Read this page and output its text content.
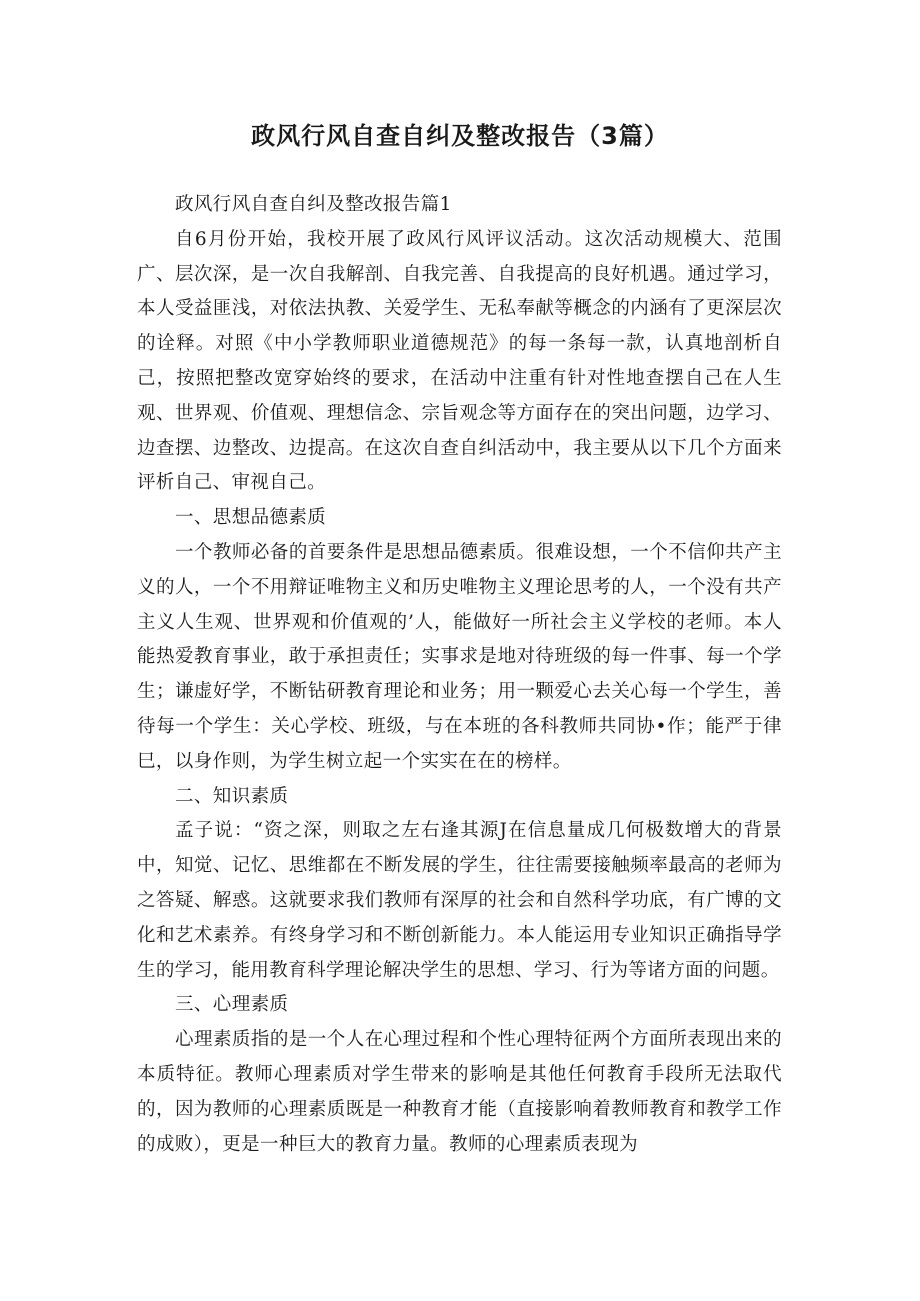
政风行风自查自纠及整改报告（3篇）

政风行风自查自纠及整改报告篇1

自6月份开始，我校开展了政风行风评议活动。这次活动规模大、范围广、层次深，是一次自我解剖、自我完善、自我提高的良好机遇。通过学习，本人受益匪浅，对依法执教、关爱学生、无私奉献等概念的内涵有了更深层次的诠释。对照《中小学教师职业道德规范》的每一条每一款，认真地剖析自己，按照把整改宽穿始终的要求，在活动中注重有针对性地查摆自己在人生观、世界观、价值观、理想信念、宗旨观念等方面存在的突出问题，边学习、边查摆、边整改、边提高。在这次自查自纠活动中，我主要从以下几个方面来评析自己、审视自己。

一、思想品德素质

一个教师必备的首要条件是思想品德素质。很难设想，一个不信仰共产主义的人，一个不用辩证唯物主义和历史唯物主义理论思考的人，一个没有共产主义人生观、世界观和价值观的’人，能做好一所社会主义学校的老师。本人能热爱教育事业，敢于承担责任；实事求是地对待班级的每一件事、每一个学生；谦虚好学，不断钻研教育理论和业务；用一颗爱心去关心每一个学生，善待每一个学生：关心学校、班级，与在本班的各科教师共同协•作；能严于律巳，以身作则，为学生树立起一个实实在在的榜样。

二、知识素质

孟子说：“资之深，则取之左右逢其源J在信息量成几何极数增大的背景中，知觉、记忆、思维都在不断发展的学生，往往需要接触频率最高的老师为之答疑、解惑。这就要求我们教师有深厚的社会和自然科学功底，有广博的文化和艺术素养。有终身学习和不断创新能力。本人能运用专业知识正确指导学生的学习，能用教育科学理论解决学生的思想、学习、行为等诸方面的问题。

三、心理素质

心理素质指的是一个人在心理过程和个性心理特征两个方面所表现出来的本质特征。教师心理素质对学生带来的影响是其他任何教育手段所无法取代的，因为教师的心理素质既是一种教育才能（直接影响着教师教育和教学工作的成败），更是一种巨大的教育力量。教师的心理素质表现为
